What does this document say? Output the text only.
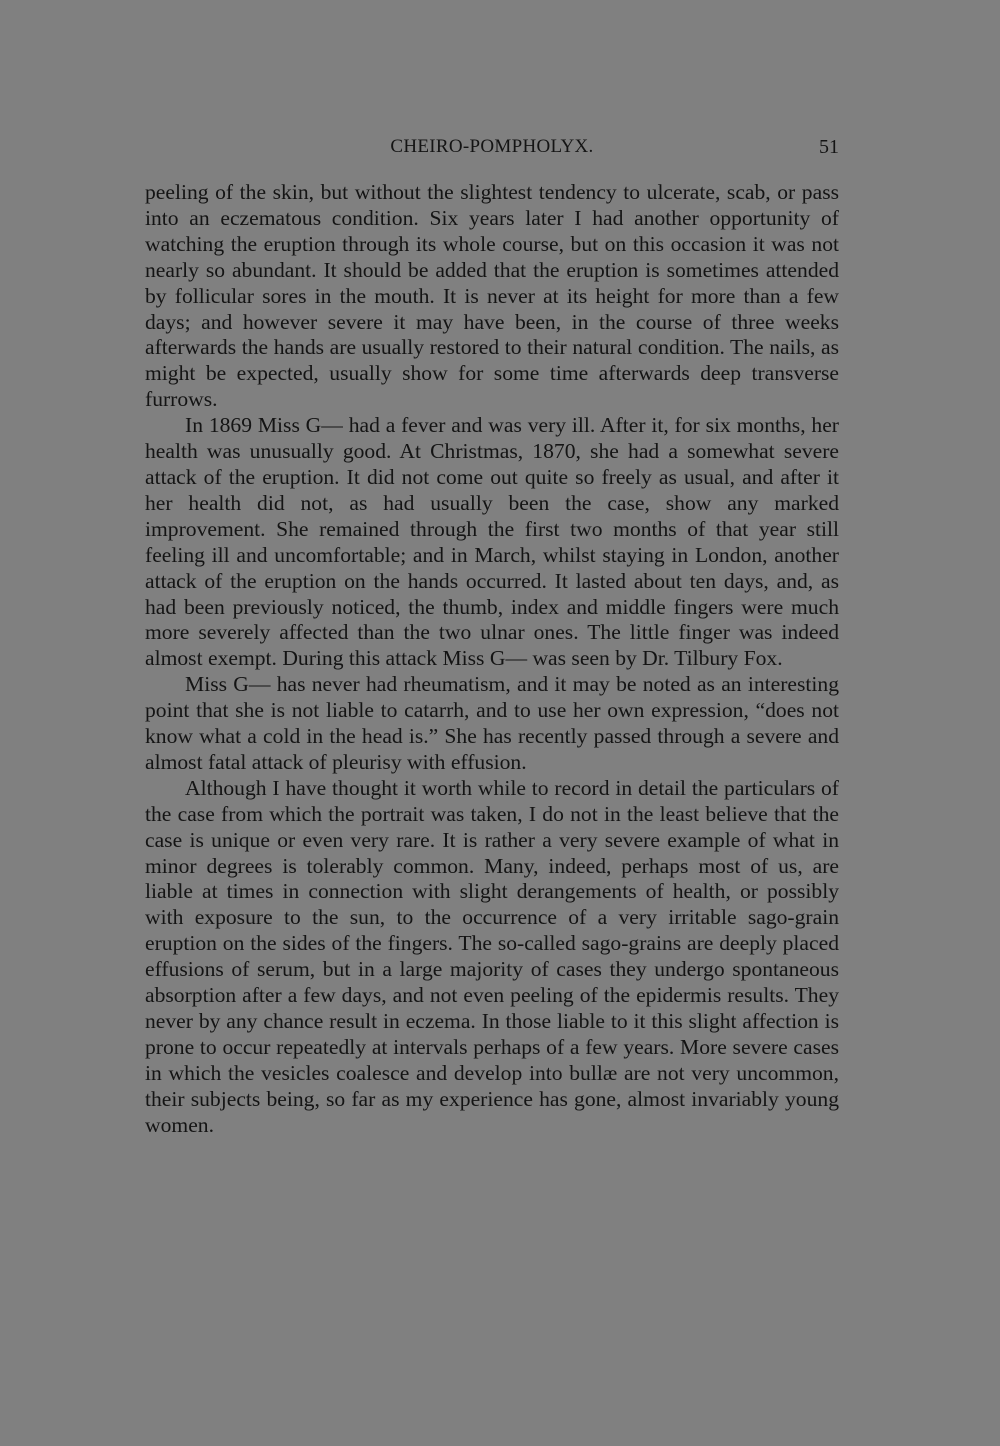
CHEIRO-POMPHOLYX.	51

peeling of the skin, but without the slightest tendency to ulcerate, scab, or pass into an eczematous condition. Six years later I had another opportunity of watching the eruption through its whole course, but on this occasion it was not nearly so abundant. It should be added that the eruption is sometimes attended by follicular sores in the mouth. It is never at its height for more than a few days; and however severe it may have been, in the course of three weeks afterwards the hands are usually restored to their natural condition. The nails, as might be expected, usually show for some time afterwards deep transverse furrows.

In 1869 Miss G— had a fever and was very ill. After it, for six months, her health was unusually good. At Christmas, 1870, she had a somewhat severe attack of the eruption. It did not come out quite so freely as usual, and after it her health did not, as had usually been the case, show any marked improvement. She remained through the first two months of that year still feeling ill and uncomfortable; and in March, whilst staying in London, another attack of the eruption on the hands occurred. It lasted about ten days, and, as had been previously noticed, the thumb, index and middle fingers were much more severely affected than the two ulnar ones. The little finger was indeed almost exempt. During this attack Miss G— was seen by Dr. Tilbury Fox.

Miss G— has never had rheumatism, and it may be noted as an interesting point that she is not liable to catarrh, and to use her own expression, “does not know what a cold in the head is.” She has recently passed through a severe and almost fatal attack of pleurisy with effusion.

Although I have thought it worth while to record in detail the particulars of the case from which the portrait was taken, I do not in the least believe that the case is unique or even very rare. It is rather a very severe example of what in minor degrees is tolerably common. Many, indeed, perhaps most of us, are liable at times in connection with slight derangements of health, or possibly with exposure to the sun, to the occurrence of a very irritable sago-grain eruption on the sides of the fingers. The so-called sago-grains are deeply placed effusions of serum, but in a large majority of cases they undergo spontaneous absorption after a few days, and not even peeling of the epidermis results. They never by any chance result in eczema. In those liable to it this slight affection is prone to occur repeatedly at intervals perhaps of a few years. More severe cases in which the vesicles coalesce and develop into bullæ are not very uncommon, their subjects being, so far as my experience has gone, almost invariably young women.
